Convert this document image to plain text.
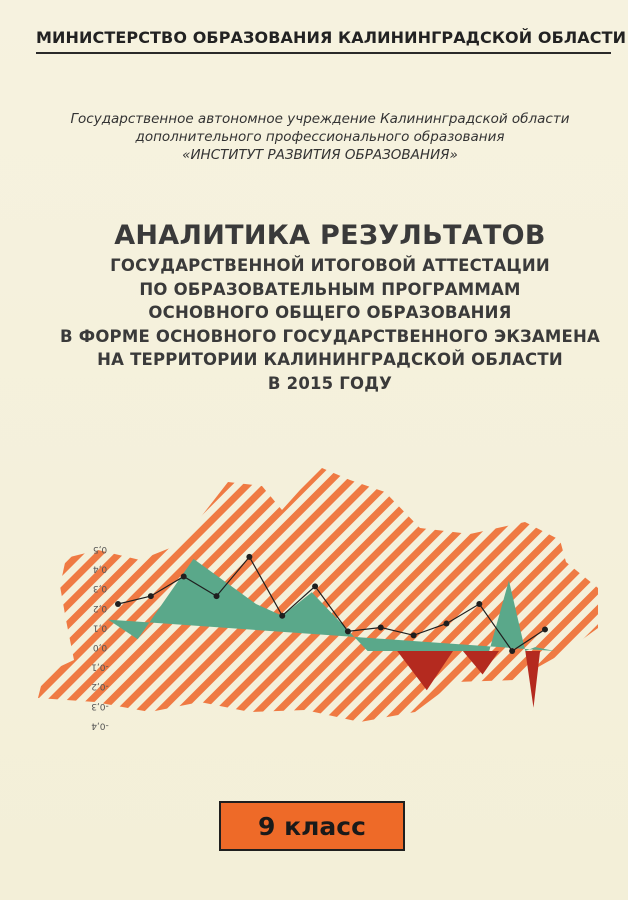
МИНИСТЕРСТВО ОБРАЗОВАНИЯ КАЛИНИНГРАДСКОЙ ОБЛАСТИ
Государственное автономное учреждение Калининградской области
дополнительного профессионального образования
«ИНСТИТУТ РАЗВИТИЯ ОБРАЗОВАНИЯ»
АНАЛИТИКА РЕЗУЛЬТАТОВ
ГОСУДАРСТВЕННОЙ ИТОГОВОЙ АТТЕСТАЦИИ
ПО ОБРАЗОВАТЕЛЬНЫМ ПРОГРАММАМ
ОСНОВНОГО ОБЩЕГО ОБРАЗОВАНИЯ
В ФОРМЕ ОСНОВНОГО ГОСУДАРСТВЕННОГО ЭКЗАМЕНА
НА ТЕРРИТОРИИ КАЛИНИНГРАДСКОЙ ОБЛАСТИ
В 2015 ГОДУ
0,5
0,4
0,3
0,2
0,1
0,0
-0,1
-0,2
-0,3
-0,4
9 класс
